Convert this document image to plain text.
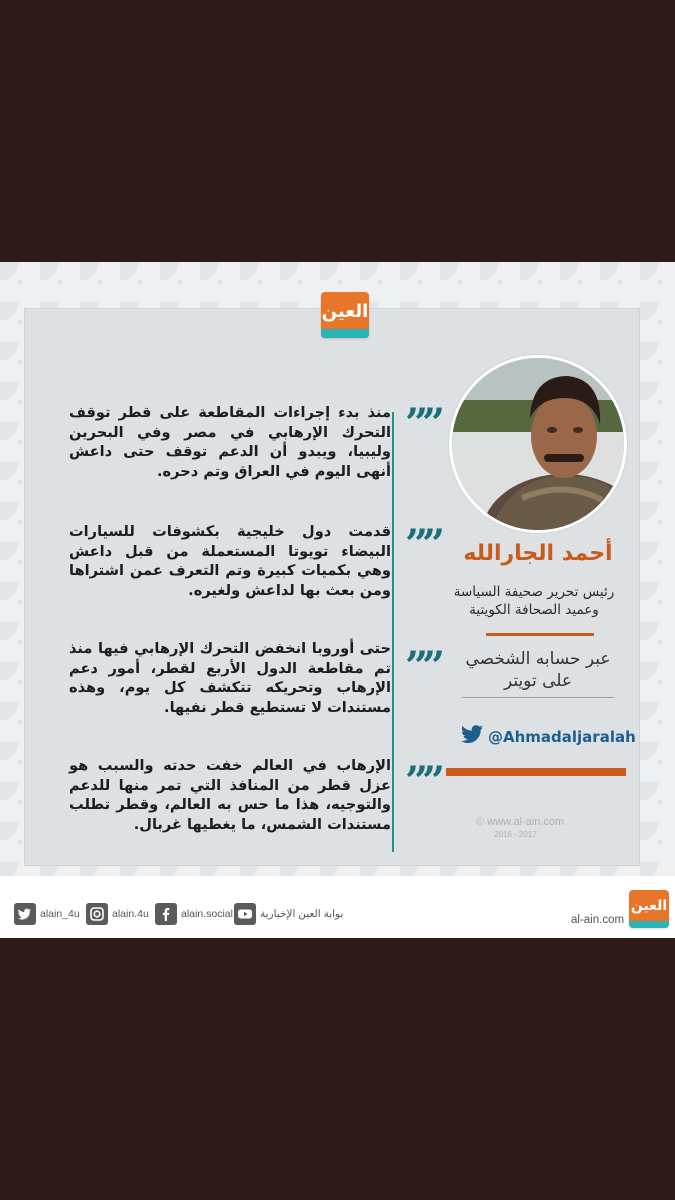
العين
””
منذ بدء إجراءات المقاطعة على قطر توقف التحرك الإرهابي في مصر وفي البحرين وليبيا، ويبدو أن الدعم توقف حتى داعش أنهى اليوم في العراق وتم دحره.
””
قدمت دول خليجية بكشوفات للسيارات البيضاء تويوتا المستعملة من قبل داعش وهي بكميات كبيرة وتم التعرف عمن اشتراها ومن بعث بها لداعش ولغيره.
””
حتى أوروبا انخفض التحرك الإرهابي فيها منذ تم مقاطعة الدول الأربع لقطر، أمور دعم الإرهاب وتحريكه تتكشف كل يوم، وهذه مستندات لا تستطيع قطر نفيها.
””
الإرهاب في العالم خفت حدته والسبب هو عزل قطر من المنافذ التي تمر منها للدعم والتوجيه، هذا ما حس به العالم، وقطر تطلب مستندات الشمس، ما يغطيها غربال.	© www.al-ain.com
2016 - 2017
alain_4u	alain.4u	alain.social	بوابة العين الإخبارية	al-ain.com
العين
أحمد الجارالله
رئيس تحرير صحيفة السياسة
وعميد الصحافة الكويتية
عبر حسابه الشخصي
على تويتر
@Ahmadaljaralah
